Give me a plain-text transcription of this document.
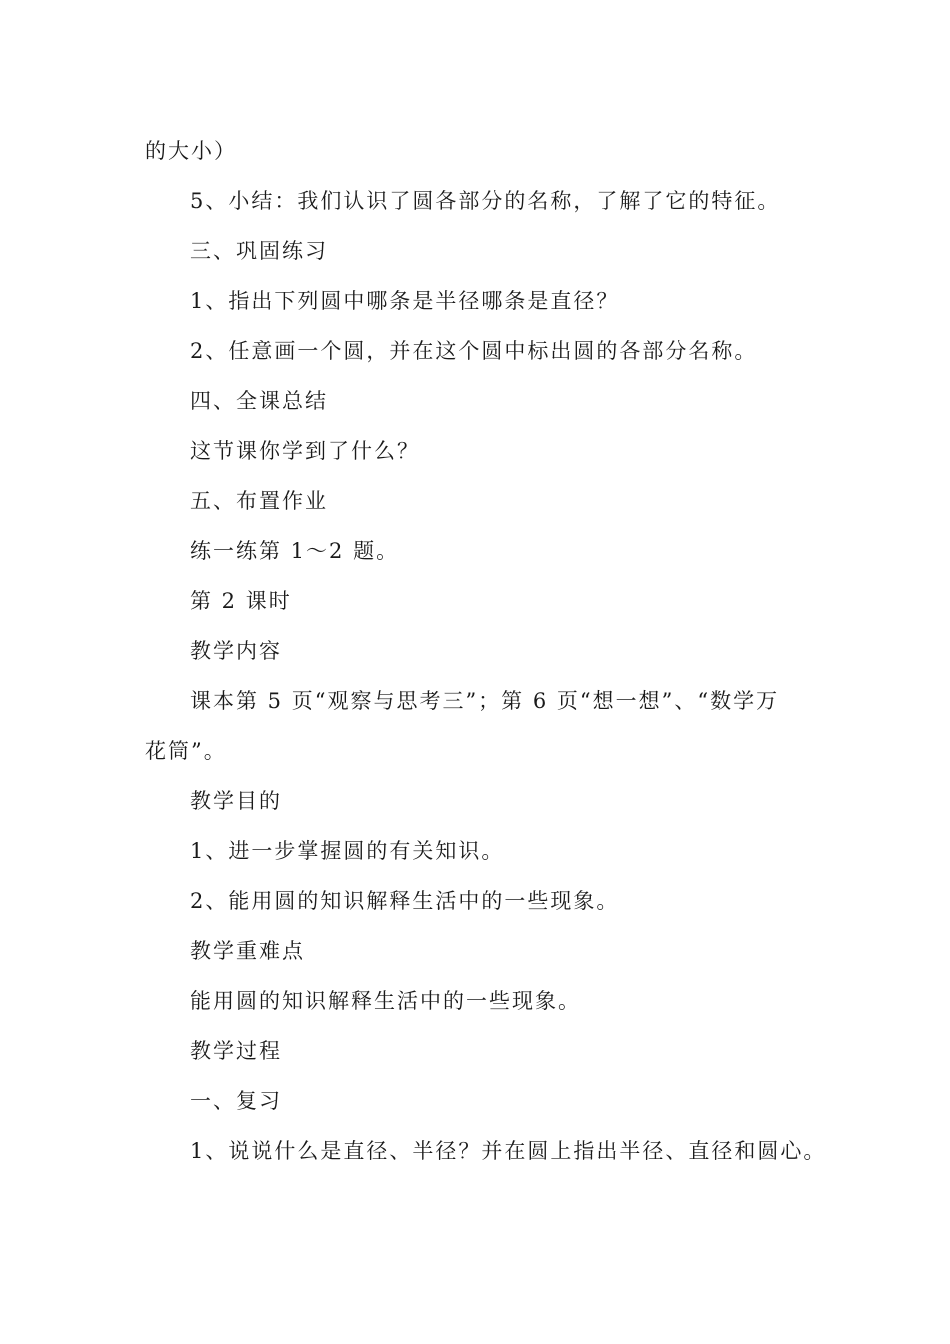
的大小）
5、小结：我们认识了圆各部分的名称，了解了它的特征。
三、巩固练习
1、指出下列圆中哪条是半径哪条是直径？
2、任意画一个圆，并在这个圆中标出圆的各部分名称。
四、全课总结
这节课你学到了什么？
五、布置作业
练一练第 1～2 题。
第 2 课时
教学内容
课本第 5 页“观察与思考三”；第 6 页“想一想”、“数学万
花筒”。
教学目的
1、进一步掌握圆的有关知识。
2、能用圆的知识解释生活中的一些现象。
教学重难点
能用圆的知识解释生活中的一些现象。
教学过程
一、复习
1、说说什么是直径、半径？并在圆上指出半径、直径和圆心。
